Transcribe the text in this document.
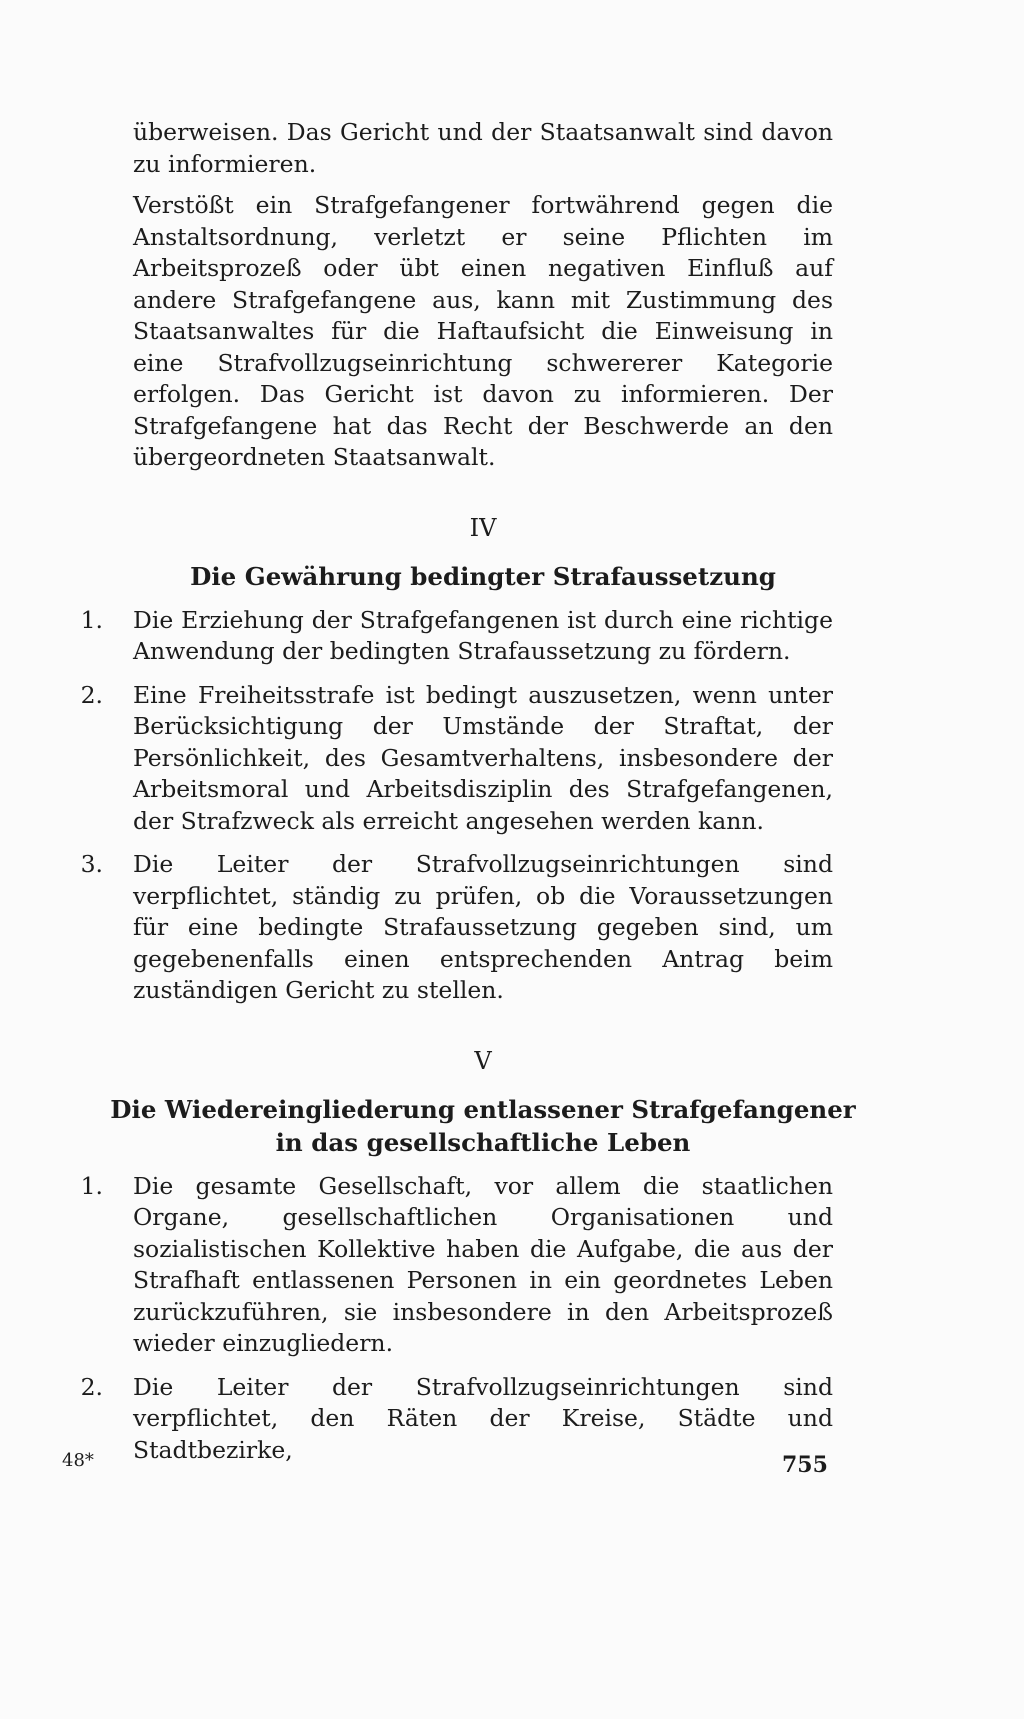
überweisen. Das Gericht und der Staatsanwalt sind davon zu informieren.

Verstößt ein Strafgefangener fortwährend gegen die Anstaltsordnung, verletzt er seine Pflichten im Arbeitsprozeß oder übt einen negativen Einfluß auf andere Strafgefangene aus, kann mit Zustimmung des Staatsanwaltes für die Haftaufsicht die Einweisung in eine Strafvollzugseinrichtung schwererer Kategorie erfolgen. Das Gericht ist davon zu informieren. Der Strafgefangene hat das Recht der Beschwerde an den übergeordneten Staatsanwalt.

IV
Die Gewährung bedingter Strafaussetzung
1. Die Erziehung der Strafgefangenen ist durch eine richtige Anwendung der bedingten Strafaussetzung zu fördern.
2. Eine Freiheitsstrafe ist bedingt auszusetzen, wenn unter Berücksichtigung der Umstände der Straftat, der Persönlichkeit, des Gesamtverhaltens, insbesondere der Arbeitsmoral und Arbeitsdisziplin des Strafgefangenen, der Strafzweck als erreicht angesehen werden kann.
3. Die Leiter der Strafvollzugseinrichtungen sind verpflichtet, ständig zu prüfen, ob die Voraussetzungen für eine bedingte Strafaussetzung gegeben sind, um gegebenenfalls einen entsprechenden Antrag beim zuständigen Gericht zu stellen.
V
Die Wiedereingliederung entlassener Strafgefangener
in das gesellschaftliche Leben
1. Die gesamte Gesellschaft, vor allem die staatlichen Organe, gesellschaftlichen Organisationen und sozialistischen Kollektive haben die Aufgabe, die aus der Strafhaft entlassenen Personen in ein geordnetes Leben zurückzuführen, sie insbesondere in den Arbeitsprozeß wieder einzugliedern.
2. Die Leiter der Strafvollzugseinrichtungen sind verpflichtet, den Räten der Kreise, Städte und Stadtbezirke,
48*	755
